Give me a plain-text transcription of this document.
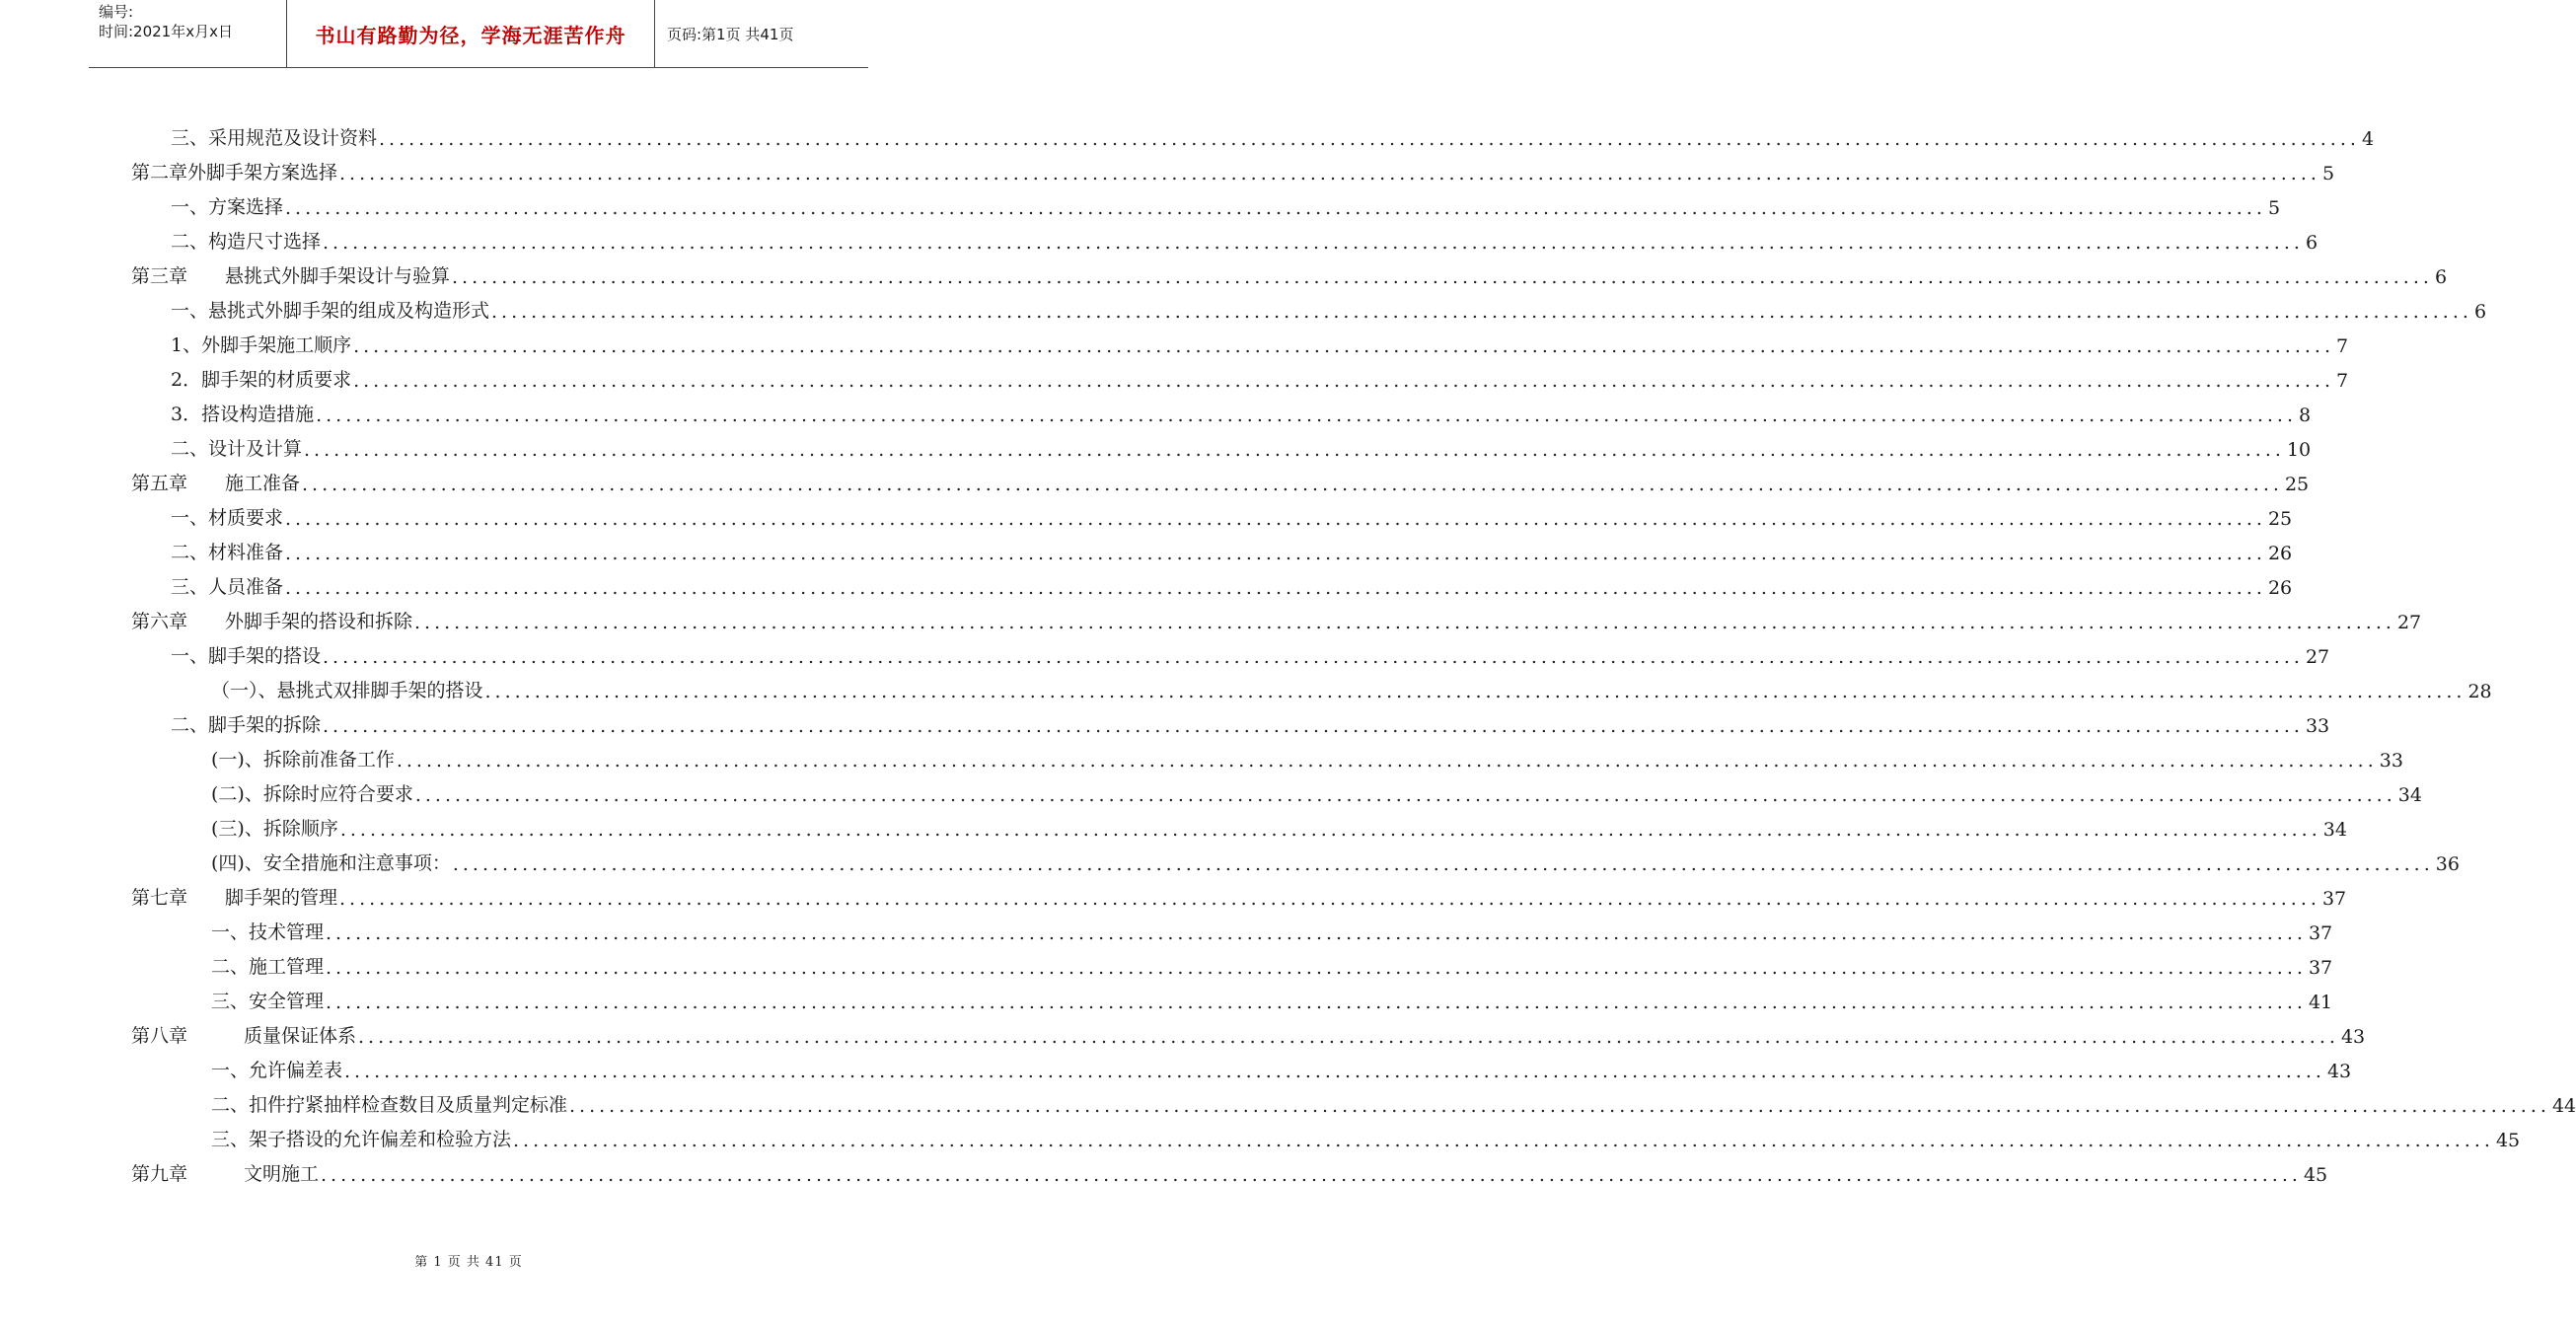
编号:
时间:2021年x月x日	书山有路勤为径，学海无涯苦作舟	页码:第1页 共41页
三、采用规范及设计资料 ........................................................................................................................................................................................................ 4
第二章外脚手架方案选择 ........................................................................................................................................................................................................ 5
一、方案选择 ........................................................................................................................................................................................................ 5
二、构造尺寸选择 ........................................................................................................................................................................................................ 6
第三章　　悬挑式外脚手架设计与验算 ........................................................................................................................................................................................................ 6
一、悬挑式外脚手架的组成及构造形式 ........................................................................................................................................................................................................ 6
1、外脚手架施工顺序 ........................................................................................................................................................................................................ 7
2．脚手架的材质要求 ........................................................................................................................................................................................................ 7
3．搭设构造措施 ........................................................................................................................................................................................................ 8
二、设计及计算 ........................................................................................................................................................................................................ 10
第五章　　施工准备 ........................................................................................................................................................................................................ 25
一、材质要求 ........................................................................................................................................................................................................ 25
二、材料准备 ........................................................................................................................................................................................................ 26
三、人员准备 ........................................................................................................................................................................................................ 26
第六章　　外脚手架的搭设和拆除 ........................................................................................................................................................................................................ 27
一、脚手架的搭设 ........................................................................................................................................................................................................ 27
（一）、悬挑式双排脚手架的搭设 ........................................................................................................................................................................................................ 28
二、脚手架的拆除 ........................................................................................................................................................................................................ 33
(一)、拆除前准备工作 ........................................................................................................................................................................................................ 33
(二)、拆除时应符合要求 ........................................................................................................................................................................................................ 34
(三)、拆除顺序 ........................................................................................................................................................................................................ 34
(四)、安全措施和注意事项： ........................................................................................................................................................................................................ 36
第七章　　脚手架的管理 ........................................................................................................................................................................................................ 37
一、技术管理 ........................................................................................................................................................................................................ 37
二、施工管理 ........................................................................................................................................................................................................ 37
三、安全管理 ........................................................................................................................................................................................................ 41
第八章　　　质量保证体系 ........................................................................................................................................................................................................ 43
一、允许偏差表 ........................................................................................................................................................................................................ 43
二、扣件拧紧抽样检查数目及质量判定标准 ........................................................................................................................................................................................................ 44
三、架子搭设的允许偏差和检验方法 ........................................................................................................................................................................................................ 45
第九章　　　文明施工 ........................................................................................................................................................................................................ 45
第 1 页 共 41 页
